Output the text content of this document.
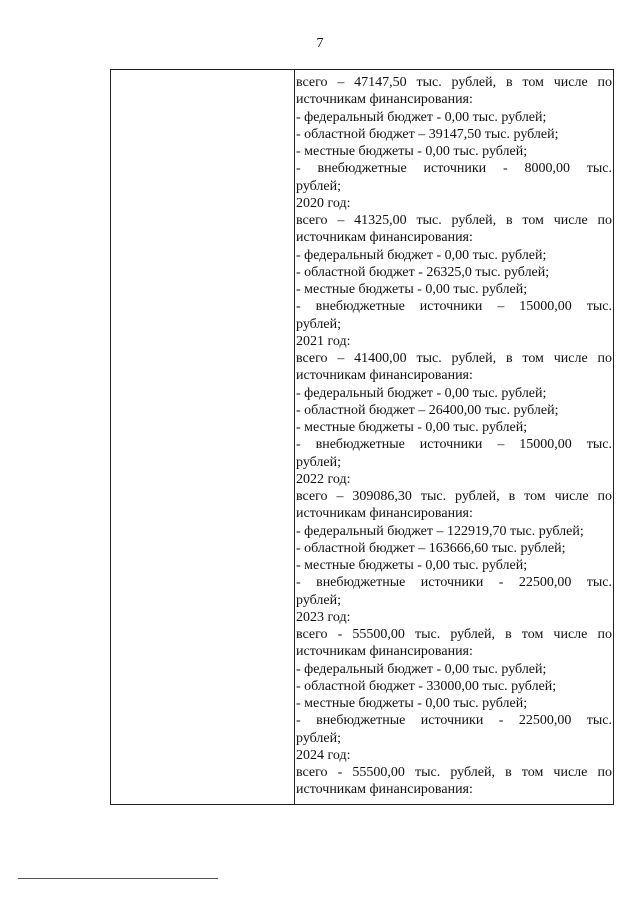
7
всего – 47147,50 тыс. рублей, в том числе по
источникам финансирования:
- федеральный бюджет - 0,00 тыс. рублей;
- областной бюджет – 39147,50 тыс. рублей;
- местные бюджеты - 0,00 тыс. рублей;
- внебюджетные источники - 8000,00 тыс.
рублей;
2020 год:
всего – 41325,00 тыс. рублей, в том числе по
источникам финансирования:
- федеральный бюджет - 0,00 тыс. рублей;
- областной бюджет - 26325,0 тыс. рублей;
- местные бюджеты - 0,00 тыс. рублей;
- внебюджетные источники – 15000,00 тыс.
рублей;
2021 год:
всего – 41400,00 тыс. рублей, в том числе по
источникам финансирования:
- федеральный бюджет - 0,00 тыс. рублей;
- областной бюджет – 26400,00 тыс. рублей;
- местные бюджеты - 0,00 тыс. рублей;
- внебюджетные источники – 15000,00 тыс.
рублей;
2022 год:
всего – 309086,30 тыс. рублей, в том числе по
источникам финансирования:
- федеральный бюджет – 122919,70 тыс. рублей;
- областной бюджет – 163666,60 тыс. рублей;
- местные бюджеты - 0,00 тыс. рублей;
- внебюджетные источники - 22500,00 тыс.
рублей;
2023 год:
всего - 55500,00 тыс. рублей, в том числе по
источникам финансирования:
- федеральный бюджет - 0,00 тыс. рублей;
- областной бюджет - 33000,00 тыс. рублей;
- местные бюджеты - 0,00 тыс. рублей;
- внебюджетные источники - 22500,00 тыс.
рублей;
2024 год:
всего - 55500,00 тыс. рублей, в том числе по
источникам финансирования:
